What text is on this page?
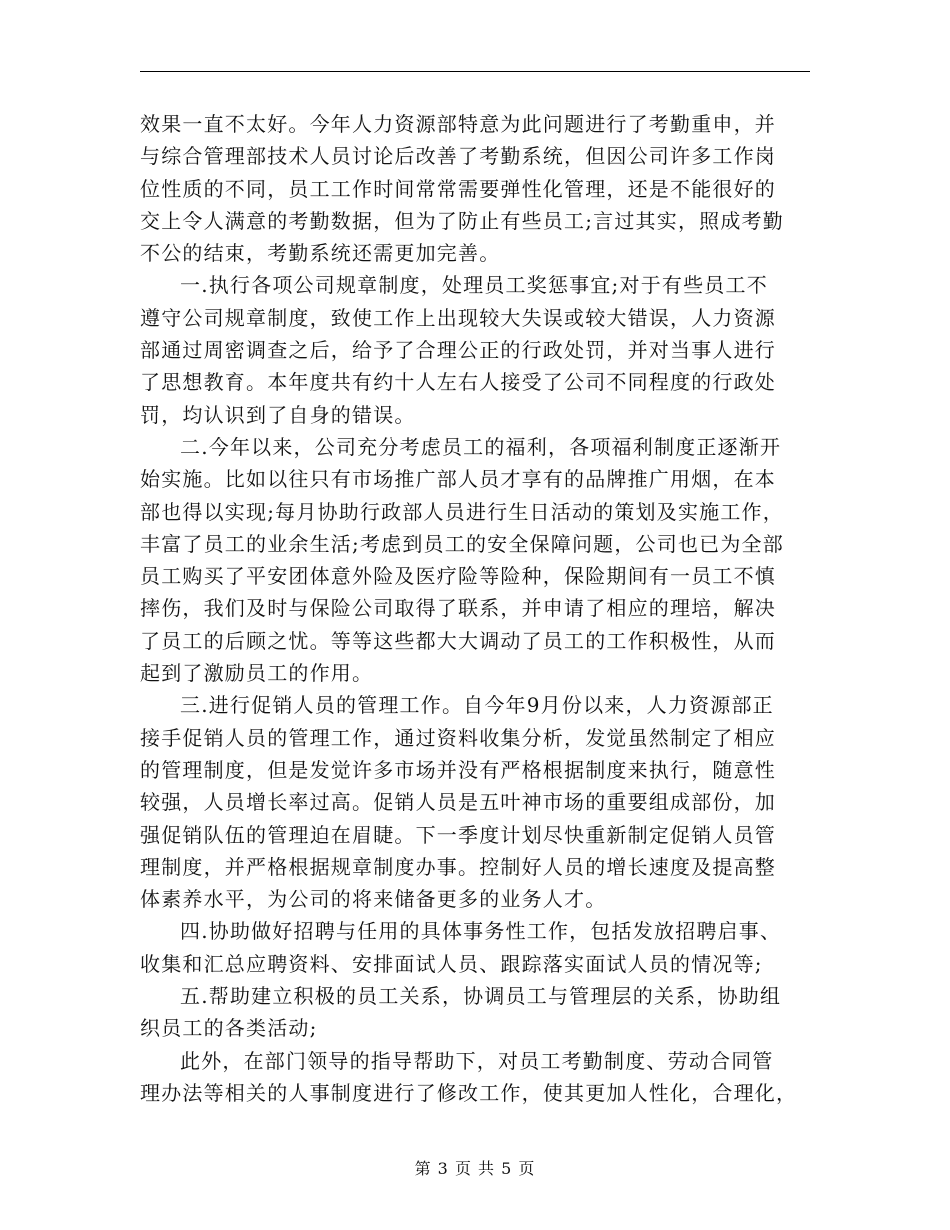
效果一直不太好。今年人力资源部特意为此问题进行了考勤重申，并
与综合管理部技术人员讨论后改善了考勤系统，但因公司许多工作岗
位性质的不同，员工工作时间常常需要弹性化管理，还是不能很好的
交上令人满意的考勤数据，但为了防止有些员工;言过其实，照成考勤
不公的结束，考勤系统还需更加完善。
一.执行各项公司规章制度，处理员工奖惩事宜;对于有些员工不
遵守公司规章制度，致使工作上出现较大失误或较大错误，人力资源
部通过周密调查之后，给予了合理公正的行政处罚，并对当事人进行
了思想教育。本年度共有约十人左右人接受了公司不同程度的行政处
罚，均认识到了自身的错误。
二.今年以来，公司充分考虑员工的福利，各项福利制度正逐渐开
始实施。比如以往只有市场推广部人员才享有的品牌推广用烟，在本
部也得以实现;每月协助行政部人员进行生日活动的策划及实施工作，
丰富了员工的业余生活;考虑到员工的安全保障问题，公司也已为全部
员工购买了平安团体意外险及医疗险等险种，保险期间有一员工不慎
摔伤，我们及时与保险公司取得了联系，并申请了相应的理培，解决
了员工的后顾之忧。等等这些都大大调动了员工的工作积极性，从而
起到了激励员工的作用。
三.进行促销人员的管理工作。自今年9月份以来，人力资源部正
接手促销人员的管理工作，通过资料收集分析，发觉虽然制定了相应
的管理制度，但是发觉许多市场并没有严格根据制度来执行，随意性
较强，人员增长率过高。促销人员是五叶神市场的重要组成部份，加
强促销队伍的管理迫在眉睫。下一季度计划尽快重新制定促销人员管
理制度，并严格根据规章制度办事。控制好人员的增长速度及提高整
体素养水平，为公司的将来储备更多的业务人才。
四.协助做好招聘与任用的具体事务性工作，包括发放招聘启事、
收集和汇总应聘资料、安排面试人员、跟踪落实面试人员的情况等;
五.帮助建立积极的员工关系，协调员工与管理层的关系，协助组
织员工的各类活动;
此外，在部门领导的指导帮助下，对员工考勤制度、劳动合同管
理办法等相关的人事制度进行了修改工作，使其更加人性化，合理化，
第 3 页 共 5 页
